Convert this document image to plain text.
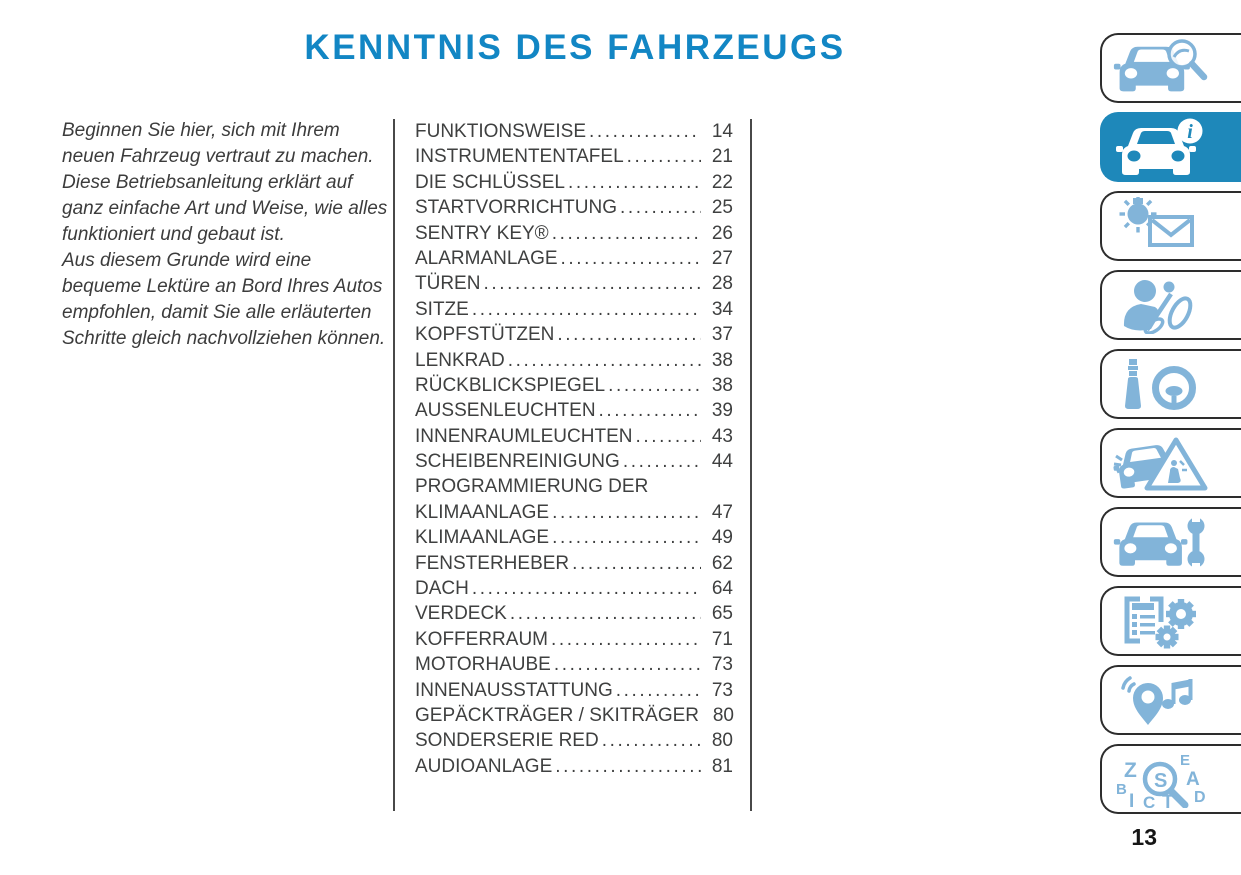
KENNTNIS DES FAHRZEUGS

Beginnen Sie hier, sich mit Ihrem neuen Fahrzeug vertraut zu machen.

Diese Betriebsanleitung erklärt auf ganz einfache Art und Weise, wie alles funktioniert und gebaut ist.

Aus diesem Grunde wird eine bequeme Lektüre an Bord Ihres Autos empfohlen, damit Sie alle erläuterten Schritte gleich nachvollziehen können.

FUNKTIONSWEISE .....	14
INSTRUMENTENTAFEL .....	21
DIE SCHLÜSSEL .....	22
STARTVORRICHTUNG .....	25
SENTRY KEY® .....	26
ALARMANLAGE .....	27
TÜREN .....	28
SITZE .....	34
KOPFSTÜTZEN .....	37
LENKRAD .....	38
RÜCKBLICKSPIEGEL .....	38
AUSSENLEUCHTEN .....	39
INNENRAUMLEUCHTEN .....	43
SCHEIBENREINIGUNG .....	44
PROGRAMMIERUNG DER
KLIMAANLAGE .....	47
KLIMAANLAGE .....	49
FENSTERHEBER .....	62
DACH .....	64
VERDECK .....	65
KOFFERRAUM .....	71
MOTORHAUBE .....	73
INNENAUSSTATTUNG .....	73
GEPÄCKTRÄGER / SKITRÄGER 80
SONDERSERIE RED .....	80
AUDIOANLAGE .....	81
i
Z	E
B	A
D
I C T
S
13
